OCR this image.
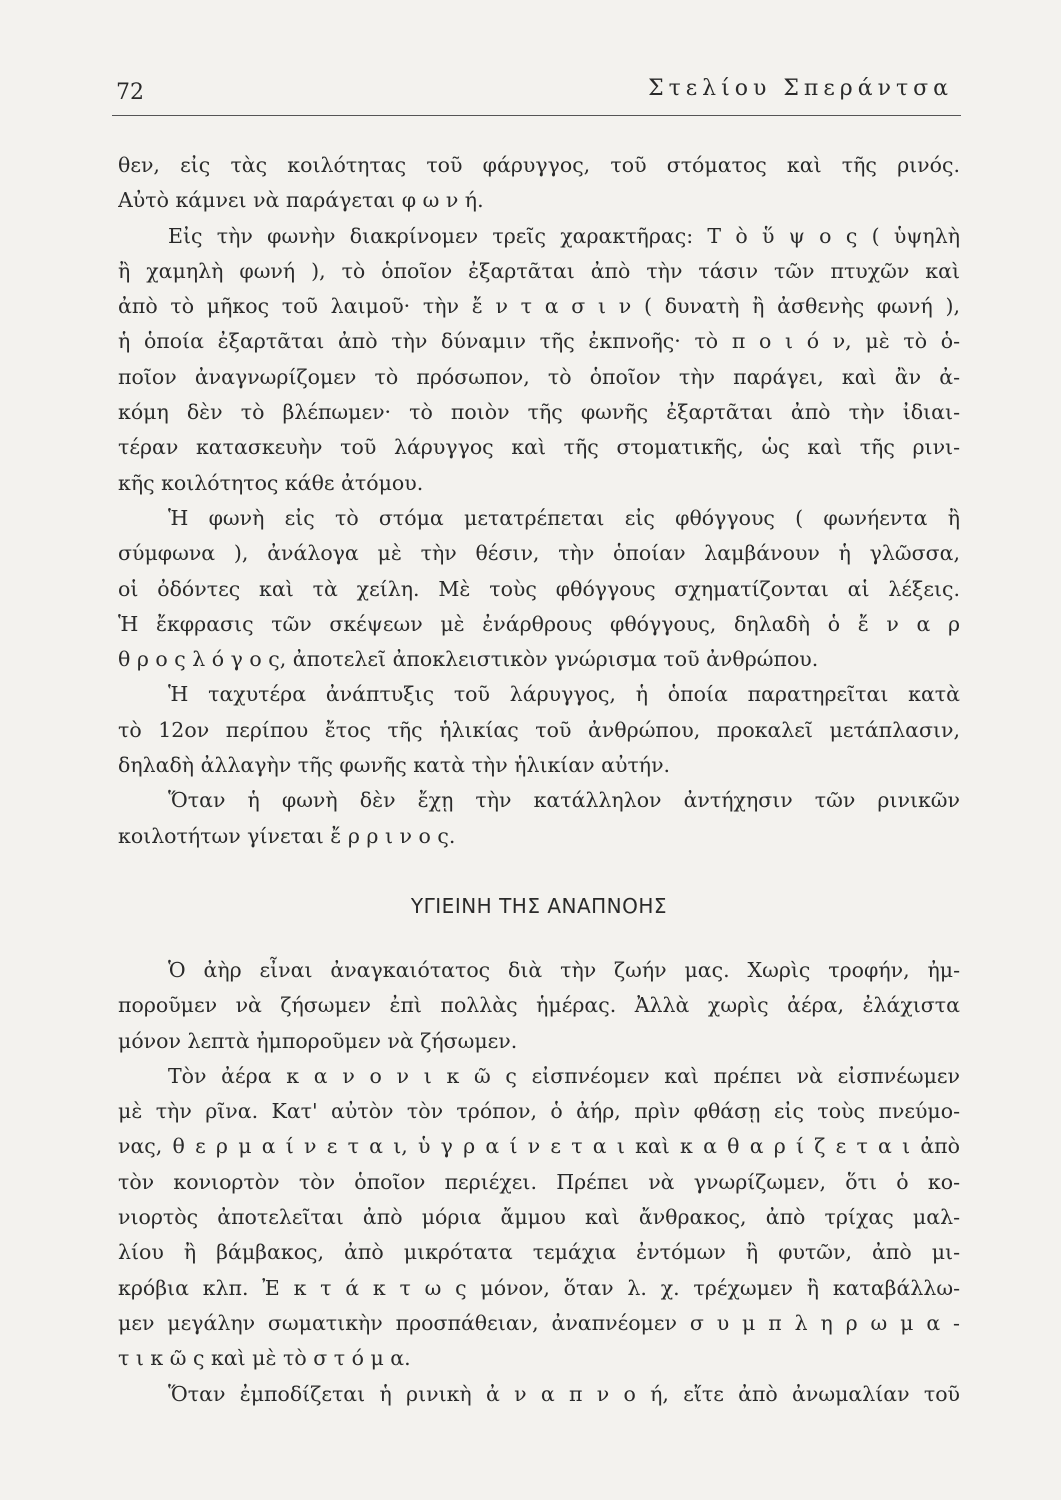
72	Στελίου Σπεράντσα
θεν, εἰς τὰς κοιλότητας τοῦ φάρυγγος, τοῦ στόματος καὶ τῆς ρινός.
Αὐτὸ κάμνει νὰ παράγεται φ ω ν ή.
Εἰς τὴν φωνὴν διακρίνομεν τρεῖς χαρακτῆρας: Τ ὸ ὕ ψ ο ς ( ὑψηλὴ
ἢ χαμηλὴ φωνή ), τὸ ὁποῖον ἐξαρτᾶται ἀπὸ τὴν τάσιν τῶν πτυχῶν καὶ
ἀπὸ τὸ μῆκος τοῦ λαιμοῦ· τὴν ἔ ν τ α σ ι ν ( δυνατὴ ἢ ἀσθενὴς φωνή ),
ἡ ὁποία ἐξαρτᾶται ἀπὸ τὴν δύναμιν τῆς ἐκπνοῆς· τὸ π ο ι ό ν, μὲ τὸ ὁ-
ποῖον ἀναγνωρίζομεν τὸ πρόσωπον, τὸ ὁποῖον τὴν παράγει, καὶ ἂν ἀ-
κόμη δὲν τὸ βλέπωμεν· τὸ ποιὸν τῆς φωνῆς ἐξαρτᾶται ἀπὸ τὴν ἰδιαι-
τέραν κατασκευὴν τοῦ λάρυγγος καὶ τῆς στοματικῆς, ὡς καὶ τῆς ρινι-
κῆς κοιλότητος κάθε ἀτόμου.
Ἡ φωνὴ εἰς τὸ στόμα μετατρέπεται εἰς φθόγγους ( φωνήεντα ἢ
σύμφωνα ), ἀνάλογα μὲ τὴν θέσιν, τὴν ὁποίαν λαμβάνουν ἡ γλῶσσα,
οἱ ὀδόντες καὶ τὰ χείλη. Μὲ τοὺς φθόγγους σχηματίζονται αἱ λέξεις.
Ἡ ἔκφρασις τῶν σκέψεων μὲ ἐνάρθρους φθόγγους, δηλαδὴ ὁ ἔ ν α ρ
θ ρ ο ς λ ό γ ο ς, ἀποτελεῖ ἀποκλειστικὸν γνώρισμα τοῦ ἀνθρώπου.
Ἡ ταχυτέρα ἀνάπτυξις τοῦ λάρυγγος, ἡ ὁποία παρατηρεῖται κατὰ
τὸ 12ον περίπου ἔτος τῆς ἡλικίας τοῦ ἀνθρώπου, προκαλεῖ μετάπλασιν,
δηλαδὴ ἀλλαγὴν τῆς φωνῆς κατὰ τὴν ἡλικίαν αὐτήν.
Ὅταν ἡ φωνὴ δὲν ἔχῃ τὴν κατάλληλον ἀντήχησιν τῶν ρινικῶν
κοιλοτήτων γίνεται ἔ ρ ρ ι ν ο ς.
ΥΓΙΕΙΝΗ ΤΗΣ ΑΝΑΠΝΟΗΣ
Ὁ ἀὴρ εἶναι ἀναγκαιότατος διὰ τὴν ζωήν μας. Χωρὶς τροφήν, ἠμ-
ποροῦμεν νὰ ζήσωμεν ἐπὶ πολλὰς ἡμέρας. Ἀλλὰ χωρὶς ἀέρα, ἐλάχιστα
μόνον λεπτὰ ἠμποροῦμεν νὰ ζήσωμεν.
Τὸν ἀέρα κ α ν ο ν ι κ ῶ ς εἰσπνέομεν καὶ πρέπει νὰ εἰσπνέωμεν
μὲ τὴν ρῖνα. Κατ' αὐτὸν τὸν τρόπον, ὁ ἀήρ, πρὶν φθάσῃ εἰς τοὺς πνεύμο-
νας, θ ε ρ μ α ί ν ε τ α ι, ὑ γ ρ α ί ν ε τ α ι καὶ κ α θ α ρ ί ζ ε τ α ι ἀπὸ
τὸν κονιορτὸν τὸν ὁποῖον περιέχει. Πρέπει νὰ γνωρίζωμεν, ὅτι ὁ κο-
νιορτὸς ἀποτελεῖται ἀπὸ μόρια ἄμμου καὶ ἄνθρακος, ἀπὸ τρίχας μαλ-
λίου ἢ βάμβακος, ἀπὸ μικρότατα τεμάχια ἐντόμων ἢ φυτῶν, ἀπὸ μι-
κρόβια κλπ. Ἐ κ τ ά κ τ ω ς μόνον, ὅταν λ. χ. τρέχωμεν ἢ καταβάλλω-
μεν μεγάλην σωματικὴν προσπάθειαν, ἀναπνέομεν σ υ μ π λ η ρ ω μ α -
τ ι κ ῶ ς καὶ μὲ τὸ σ τ ό μ α.
Ὅταν ἐμποδίζεται ἡ ρινικὴ ἀ ν α π ν ο ή, εἴτε ἀπὸ ἀνωμαλίαν τοῦ
